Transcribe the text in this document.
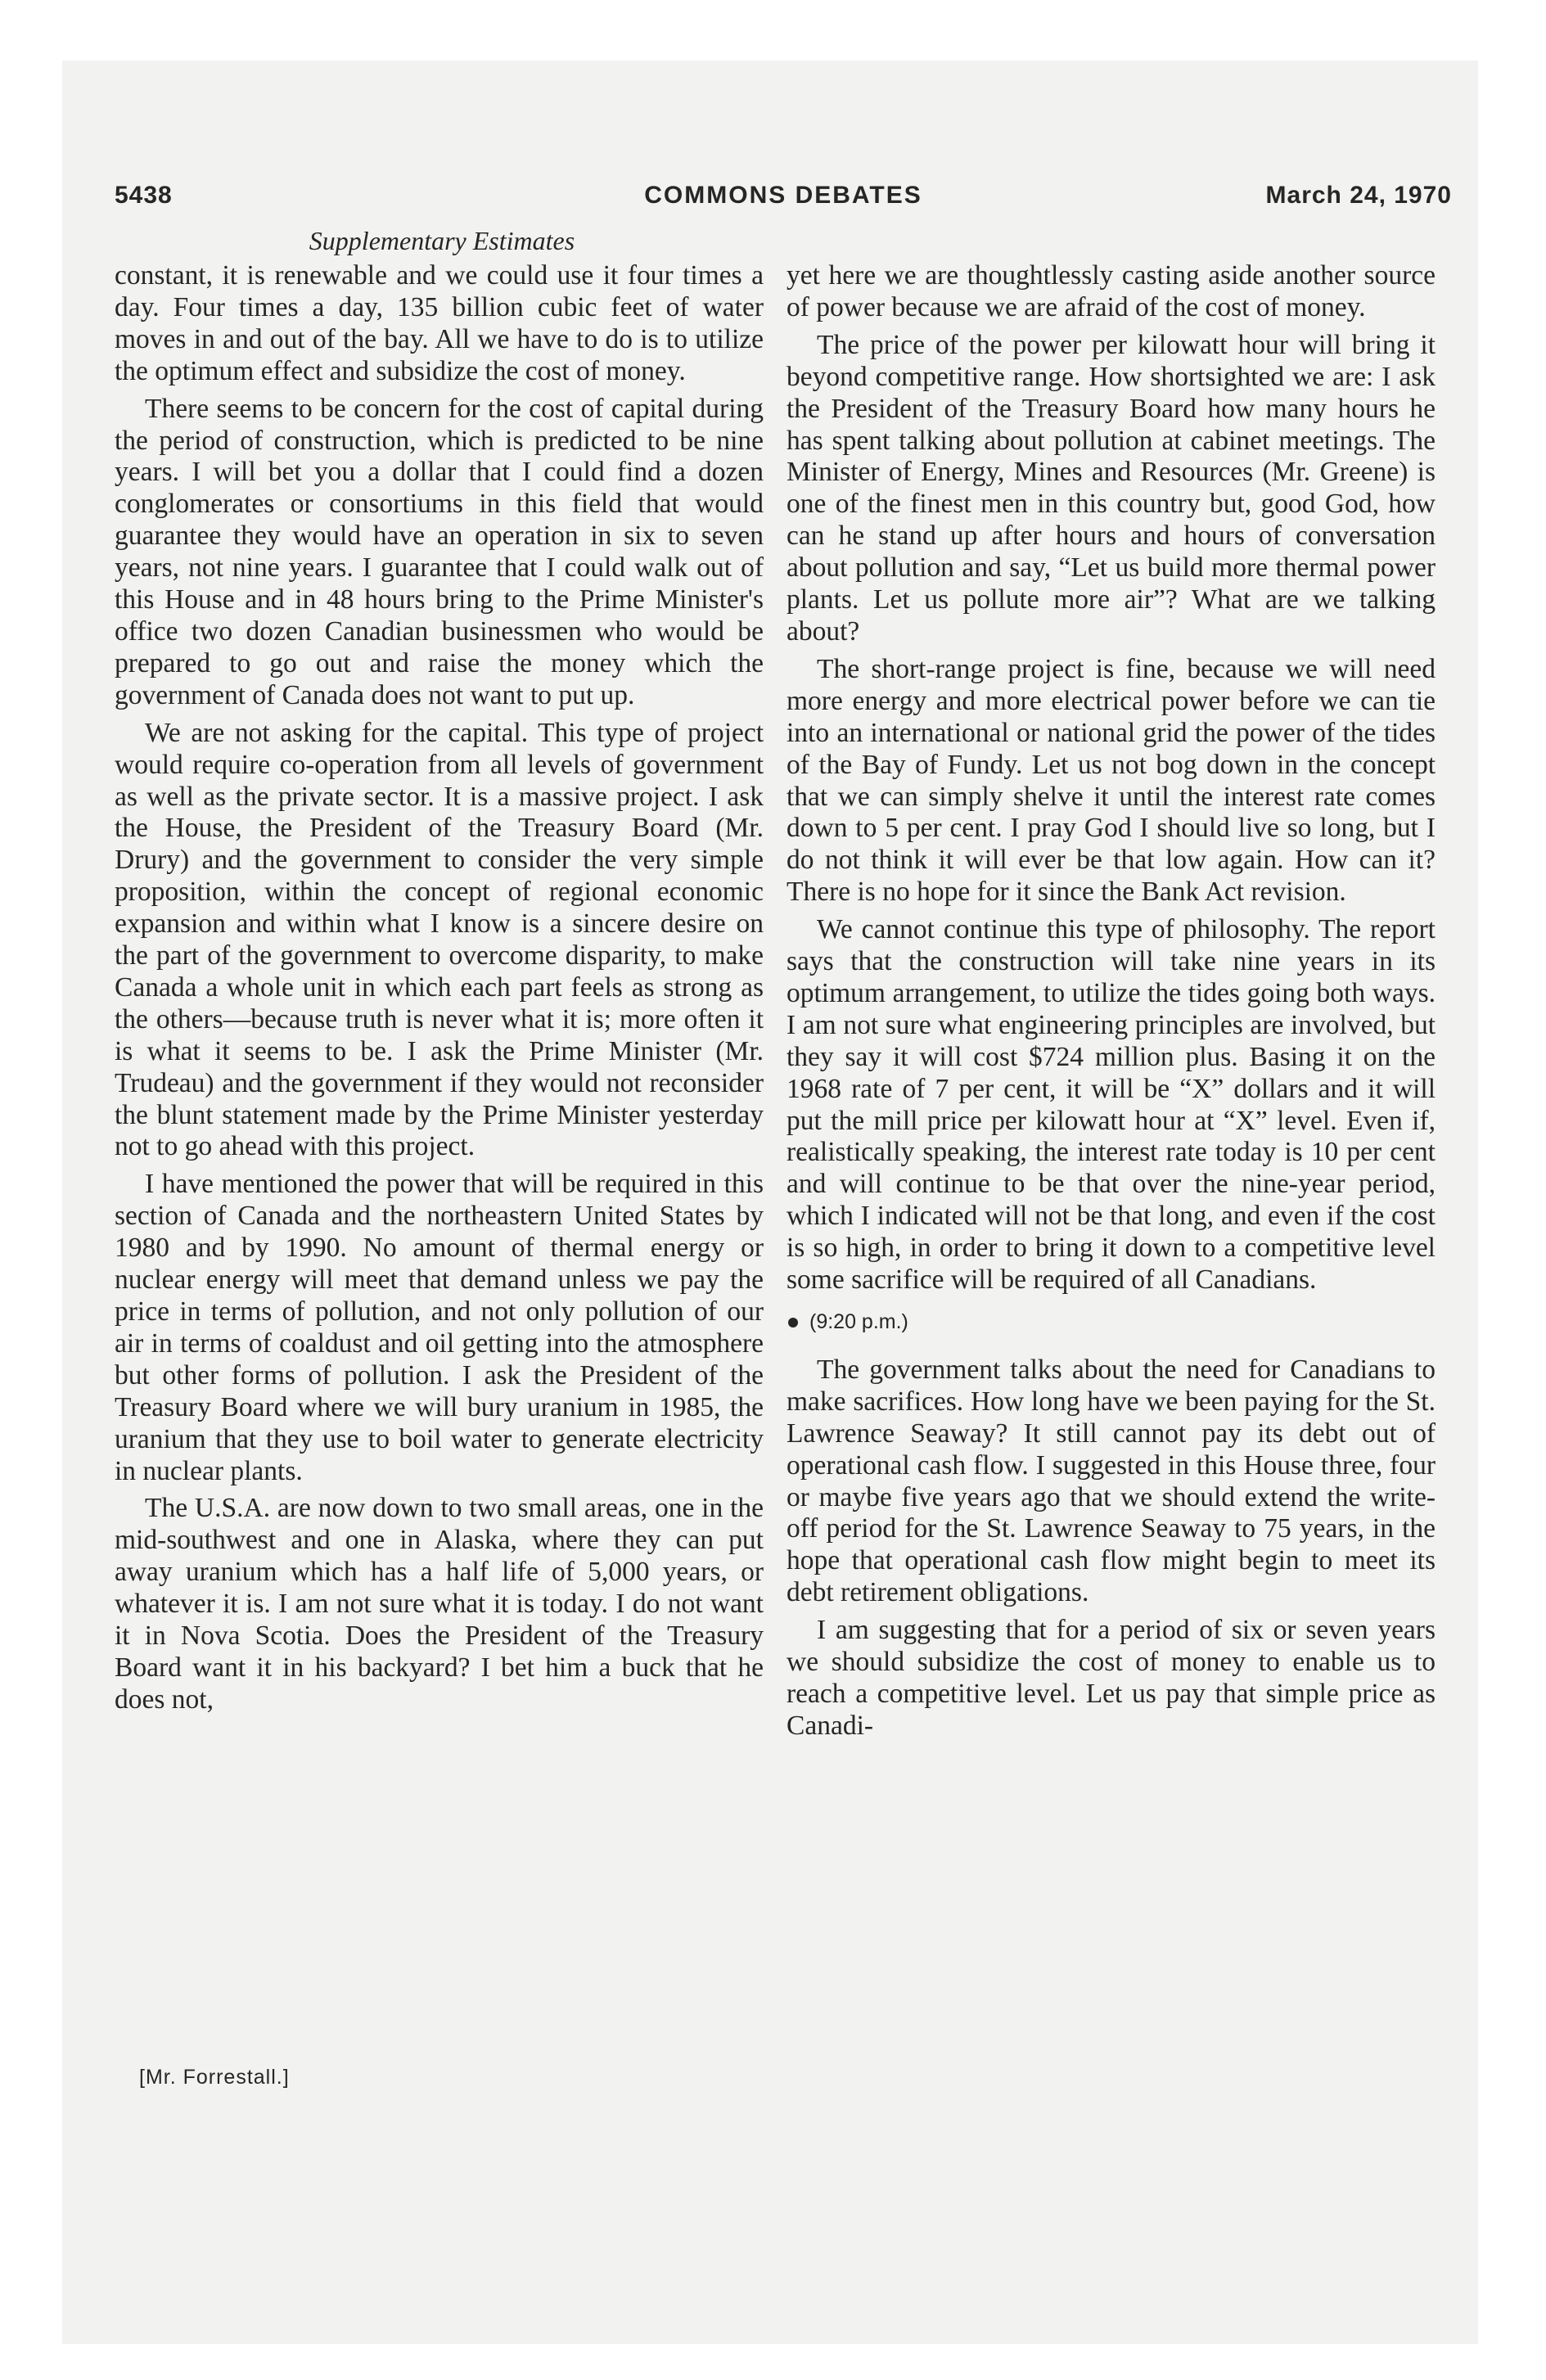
5438	COMMONS DEBATES	March 24, 1970
Supplementary Estimates

constant, it is renewable and we could use it four times a day. Four times a day, 135 billion cubic feet of water moves in and out of the bay. All we have to do is to utilize the optimum effect and subsidize the cost of money.

There seems to be concern for the cost of capital during the period of construction, which is predicted to be nine years. I will bet you a dollar that I could find a dozen conglomerates or consortiums in this field that would guarantee they would have an operation in six to seven years, not nine years. I guarantee that I could walk out of this House and in 48 hours bring to the Prime Minister's office two dozen Canadian businessmen who would be prepared to go out and raise the money which the government of Canada does not want to put up.

We are not asking for the capital. This type of project would require co-operation from all levels of government as well as the private sector. It is a massive project. I ask the House, the President of the Treasury Board (Mr. Drury) and the government to consider the very simple proposition, within the concept of regional economic expansion and within what I know is a sincere desire on the part of the government to overcome disparity, to make Canada a whole unit in which each part feels as strong as the others—because truth is never what it is; more often it is what it seems to be. I ask the Prime Minister (Mr. Trudeau) and the government if they would not reconsider the blunt statement made by the Prime Minister yesterday not to go ahead with this project.

I have mentioned the power that will be required in this section of Canada and the northeastern United States by 1980 and by 1990. No amount of thermal energy or nuclear energy will meet that demand unless we pay the price in terms of pollution, and not only pollution of our air in terms of coaldust and oil getting into the atmosphere but other forms of pollution. I ask the President of the Treasury Board where we will bury uranium in 1985, the uranium that they use to boil water to generate electricity in nuclear plants.

The U.S.A. are now down to two small areas, one in the mid-southwest and one in Alaska, where they can put away uranium which has a half life of 5,000 years, or whatever it is. I am not sure what it is today. I do not want it in Nova Scotia. Does the President of the Treasury Board want it in his backyard? I bet him a buck that he does not,

yet here we are thoughtlessly casting aside another source of power because we are afraid of the cost of money.

The price of the power per kilowatt hour will bring it beyond competitive range. How shortsighted we are: I ask the President of the Treasury Board how many hours he has spent talking about pollution at cabinet meetings. The Minister of Energy, Mines and Resources (Mr. Greene) is one of the finest men in this country but, good God, how can he stand up after hours and hours of conversation about pollution and say, “Let us build more thermal power plants. Let us pollute more air”? What are we talking about?

The short-range project is fine, because we will need more energy and more electrical power before we can tie into an international or national grid the power of the tides of the Bay of Fundy. Let us not bog down in the concept that we can simply shelve it until the interest rate comes down to 5 per cent. I pray God I should live so long, but I do not think it will ever be that low again. How can it? There is no hope for it since the Bank Act revision.

We cannot continue this type of philosophy. The report says that the construction will take nine years in its optimum arrangement, to utilize the tides going both ways. I am not sure what engineering principles are involved, but they say it will cost $724 million plus. Basing it on the 1968 rate of 7 per cent, it will be “X” dollars and it will put the mill price per kilowatt hour at “X” level. Even if, realistically speaking, the interest rate today is 10 per cent and will continue to be that over the nine-year period, which I indicated will not be that long, and even if the cost is so high, in order to bring it down to a competitive level some sacrifice will be required of all Canadians.

(9:20 p.m.)

The government talks about the need for Canadians to make sacrifices. How long have we been paying for the St. Lawrence Seaway? It still cannot pay its debt out of operational cash flow. I suggested in this House three, four or maybe five years ago that we should extend the write-off period for the St. Lawrence Seaway to 75 years, in the hope that operational cash flow might begin to meet its debt retirement obligations.

I am suggesting that for a period of six or seven years we should subsidize the cost of money to enable us to reach a competitive level. Let us pay that simple price as Canadi-

[Mr. Forrestall.]
